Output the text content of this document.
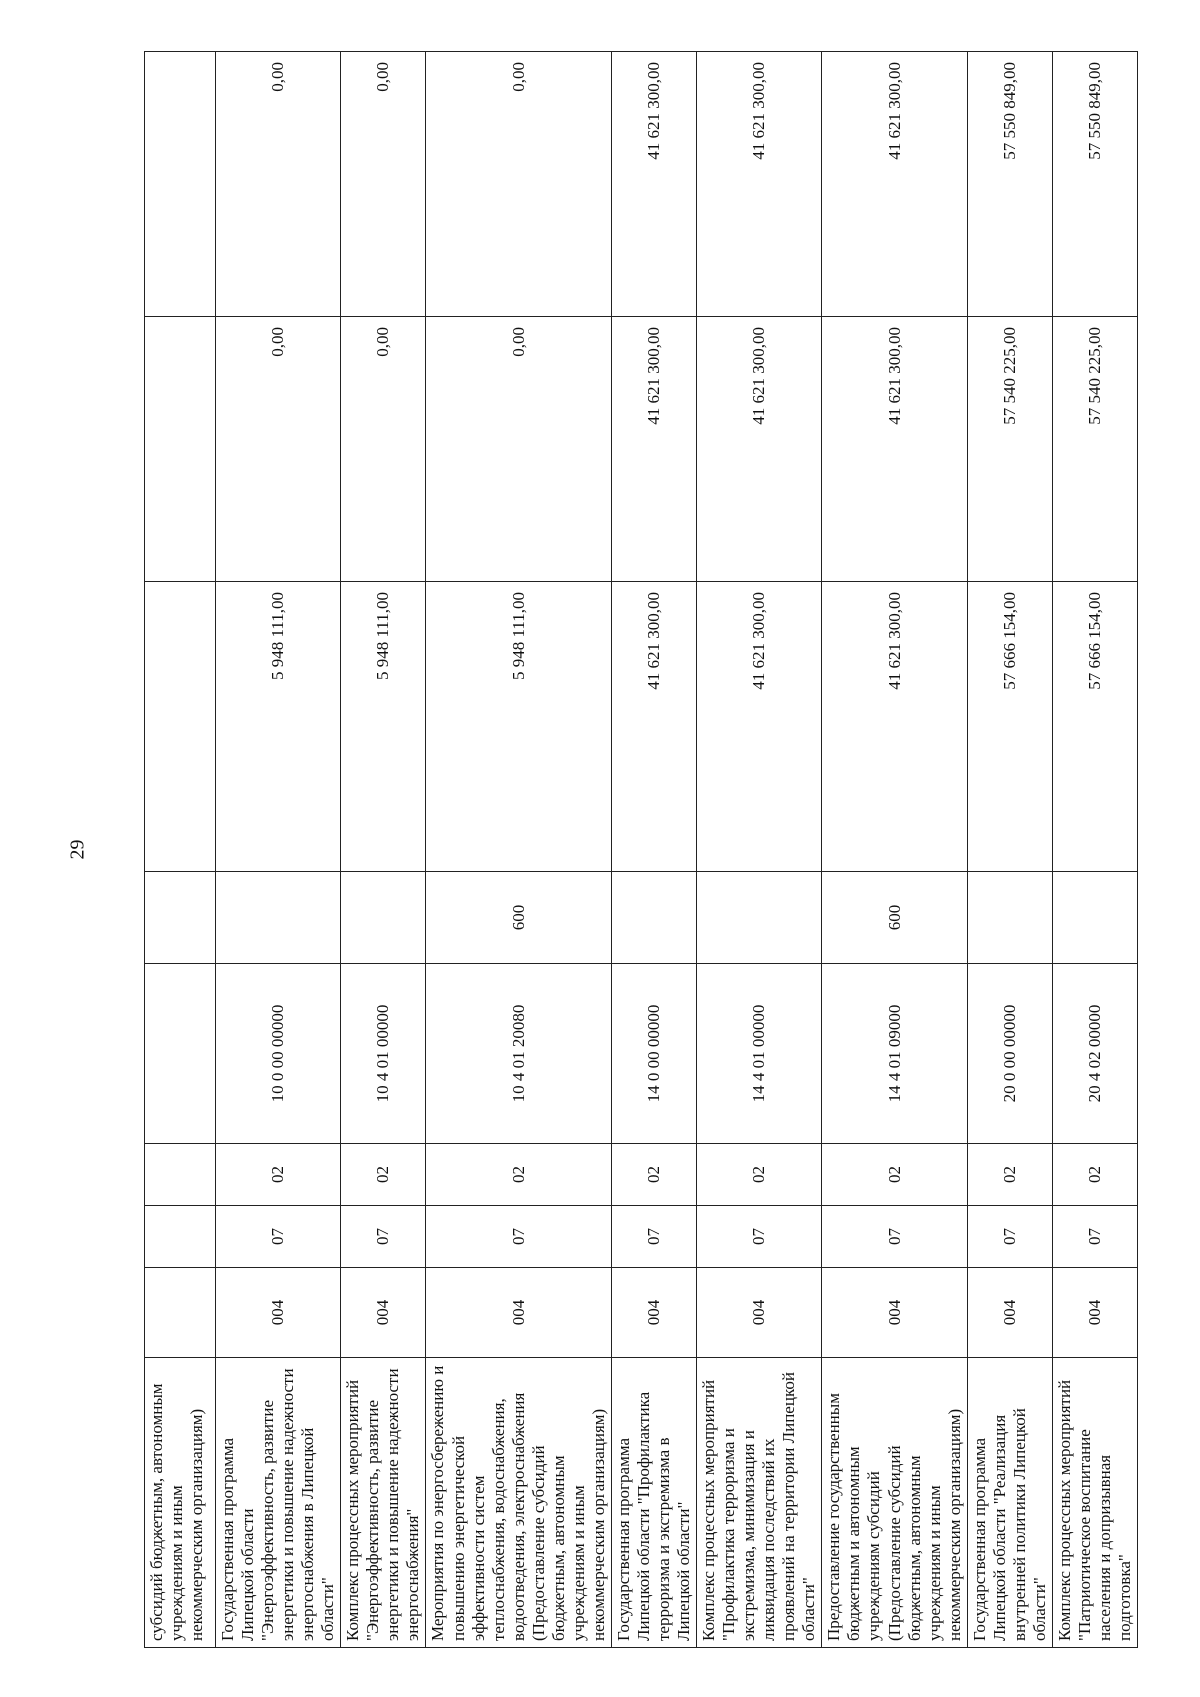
29
субсидий бюджетным, автономным учреждениям и иным некоммерческим организациям)								
Государственная программа Липецкой области "Энергоэффективность, развитие энергетики и повышение надежности энергоснабжения в Липецкой области"	004	07	02	10 0 00 00000		5 948 111,00	0,00	0,00
Комплекс процессных мероприятий "Энергоэффективность, развитие энергетики и повышение надежности энергоснабжения"	004	07	02	10 4 01 00000		5 948 111,00	0,00	0,00
Мероприятия по энергосбережению и повышению энергетической эффективности систем теплоснабжения, водоснабжения, водоотведения, электроснабжения (Предоставление субсидий бюджетным, автономным учреждениям и иным некоммерческим организациям)	004	07	02	10 4 01 20080	600	5 948 111,00	0,00	0,00
Государственная программа Липецкой области "Профилактика терроризма и экстремизма в Липецкой области"	004	07	02	14 0 00 00000		41 621 300,00	41 621 300,00	41 621 300,00
Комплекс процессных мероприятий "Профилактика терроризма и экстремизма, минимизация и ликвидация последствий их проявлений на территории Липецкой области"	004	07	02	14 4 01 00000		41 621 300,00	41 621 300,00	41 621 300,00
Предоставление государственным бюджетным и автономным учреждениям субсидий (Предоставление субсидий бюджетным, автономным учреждениям и иным некоммерческим организациям)	004	07	02	14 4 01 09000	600	41 621 300,00	41 621 300,00	41 621 300,00
Государственная программа Липецкой области "Реализация внутренней политики Липецкой области"	004	07	02	20 0 00 00000		57 666 154,00	57 540 225,00	57 550 849,00
Комплекс процессных мероприятий "Патриотическое воспитание населения и допризывная подготовка"	004	07	02	20 4 02 00000		57 666 154,00	57 540 225,00	57 550 849,00
